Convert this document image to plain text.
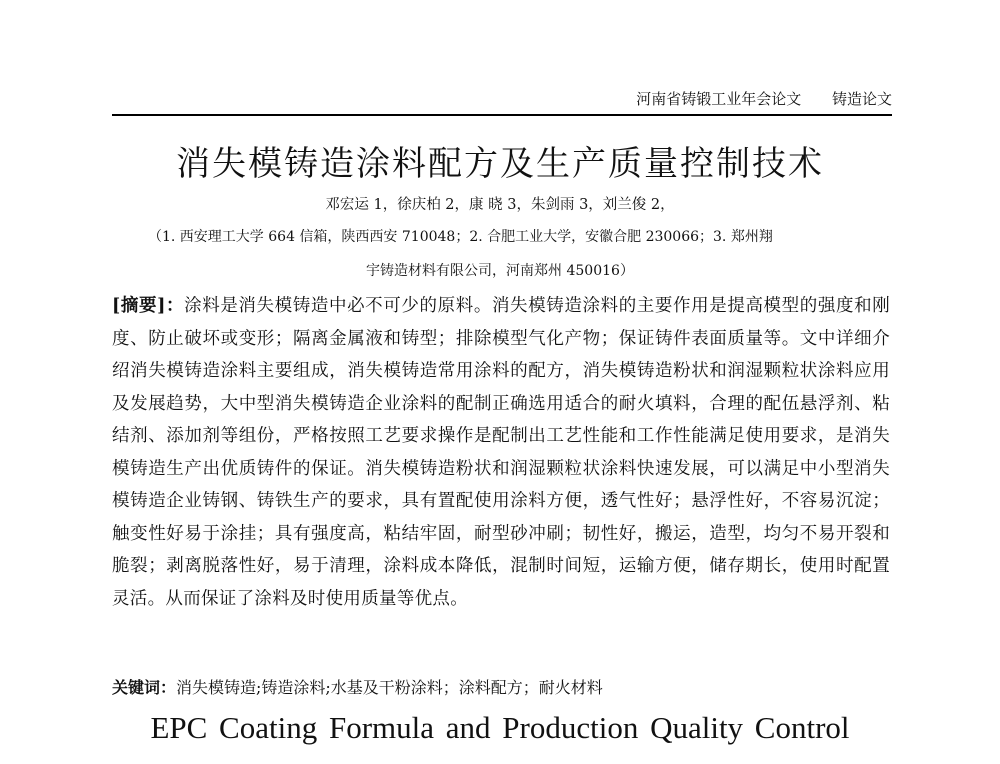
河南省铸锻工业年会论文 铸造论文
消失模铸造涂料配方及生产质量控制技术
邓宏运 1，徐庆柏 2，康 晓 3，朱剑雨 3，刘兰俊 2，
（1. 西安理工大学 664 信箱，陕西西安 710048；2. 合肥工业大学，安徽合肥 230066；3. 郑州翔
宇铸造材料有限公司，河南郑州 450016）
[摘要]：涂料是消失模铸造中必不可少的原料。消失模铸造涂料的主要作用是提高模型的强度和刚度、防止破坏或变形；隔离金属液和铸型；排除模型气化产物；保证铸件表面质量等。文中详细介绍消失模铸造涂料主要组成，消失模铸造常用涂料的配方，消失模铸造粉状和润湿颗粒状涂料应用及发展趋势，大中型消失模铸造企业涂料的配制正确选用适合的耐火填料，合理的配伍悬浮剂、粘结剂、添加剂等组份，严格按照工艺要求操作是配制出工艺性能和工作性能满足使用要求，是消失模铸造生产出优质铸件的保证。消失模铸造粉状和润湿颗粒状涂料快速发展，可以满足中小型消失模铸造企业铸钢、铸铁生产的要求，具有置配使用涂料方便，透气性好；悬浮性好，不容易沉淀；触变性好易于涂挂；具有强度高，粘结牢固，耐型砂冲刷；韧性好，搬运，造型，均匀不易开裂和脆裂；剥离脱落性好，易于清理，涂料成本降低，混制时间短，运输方便，储存期长，使用时配置灵活。从而保证了涂料及时使用质量等优点。
关键词：消失模铸造;铸造涂料;水基及干粉涂料；涂料配方；耐火材料
EPC Coating Formula and Production Quality Control
